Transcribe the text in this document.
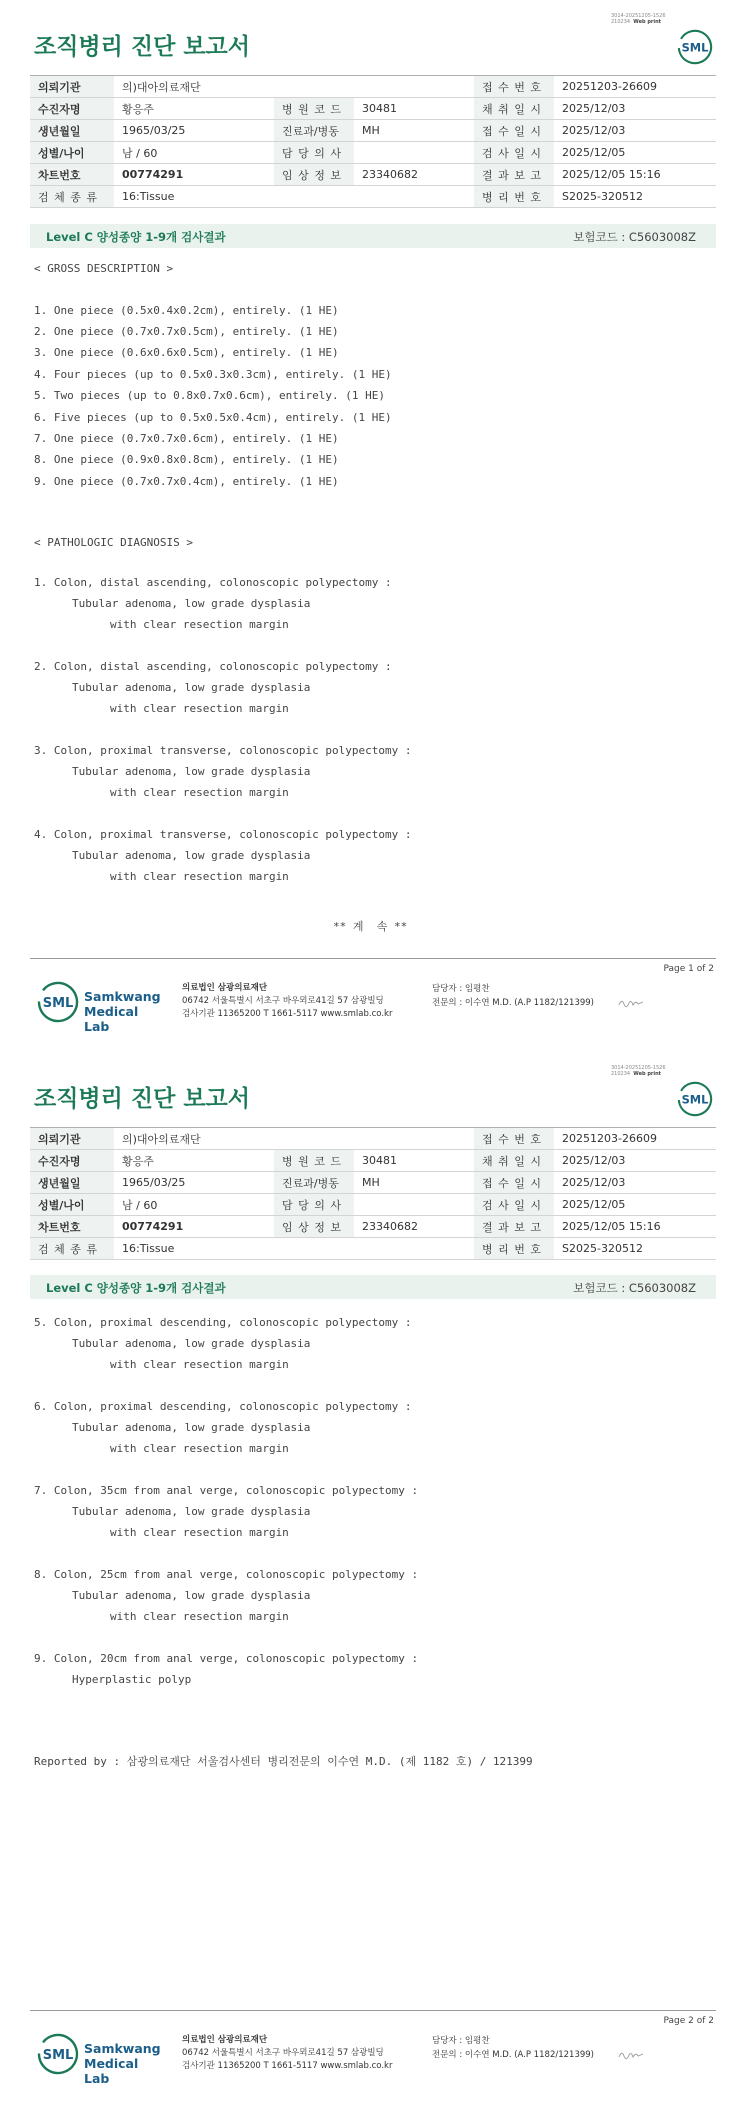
3014-20251205-1526
210234 Web print
조직병리 진단 보고서	SML
의뢰기관	의)대아의료재단			접 수 번 호	20251203-26609
수진자명	황응주	병 원 코 드	30481	채 취 일 시	2025/12/03
생년월일	1965/03/25	진료과/병동	MH	접 수 일 시	2025/12/03
성별/나이	남 / 60	담 당 의 사		검 사 일 시	2025/12/05
차트번호	00774291	임 상 정 보	23340682	결 과 보 고	2025/12/05 15:16
검 체 종 류	16:Tissue			병 리 번 호	S2025-320512
Level C 양성종양 1-9개 검사결과	보험코드 : C5603008Z
< GROSS DESCRIPTION >
1. One piece (0.5x0.4x0.2cm), entirely. (1 HE)
2. One piece (0.7x0.7x0.5cm), entirely. (1 HE)
3. One piece (0.6x0.6x0.5cm), entirely. (1 HE)
4. Four pieces (up to 0.5x0.3x0.3cm), entirely. (1 HE)
5. Two pieces (up to 0.8x0.7x0.6cm), entirely. (1 HE)
6. Five pieces (up to 0.5x0.5x0.4cm), entirely. (1 HE)
7. One piece (0.7x0.7x0.6cm), entirely. (1 HE)
8. One piece (0.9x0.8x0.8cm), entirely. (1 HE)
9. One piece (0.7x0.7x0.4cm), entirely. (1 HE)
< PATHOLOGIC DIAGNOSIS >
1. Colon, distal ascending, colonoscopic polypectomy :
Tubular adenoma, low grade dysplasia
with clear resection margin
2. Colon, distal ascending, colonoscopic polypectomy :
Tubular adenoma, low grade dysplasia
with clear resection margin
3. Colon, proximal transverse, colonoscopic polypectomy :
Tubular adenoma, low grade dysplasia
with clear resection margin
4. Colon, proximal transverse, colonoscopic polypectomy :
Tubular adenoma, low grade dysplasia
with clear resection margin
** 계  속 **
Page 1 of 2
SML Samkwang
Medical Lab
의료법인 삼광의료재단
06742 서울특별시 서초구 바우뫼로41길 57 삼광빌딩
검사기관 11365200 T 1661-5117 www.smlab.co.kr
담당자 : 임평찬
전문의 : 이수연 M.D. (A.P 1182/121399)
3014-20251205-1526
210234 Web print
조직병리 진단 보고서	SML
의뢰기관	의)대아의료재단			접 수 번 호	20251203-26609
수진자명	황응주	병 원 코 드	30481	채 취 일 시	2025/12/03
생년월일	1965/03/25	진료과/병동	MH	접 수 일 시	2025/12/03
성별/나이	남 / 60	담 당 의 사		검 사 일 시	2025/12/05
차트번호	00774291	임 상 정 보	23340682	결 과 보 고	2025/12/05 15:16
검 체 종 류	16:Tissue			병 리 번 호	S2025-320512
Level C 양성종양 1-9개 검사결과	보험코드 : C5603008Z
5. Colon, proximal descending, colonoscopic polypectomy :
Tubular adenoma, low grade dysplasia
with clear resection margin
6. Colon, proximal descending, colonoscopic polypectomy :
Tubular adenoma, low grade dysplasia
with clear resection margin
7. Colon, 35cm from anal verge, colonoscopic polypectomy :
Tubular adenoma, low grade dysplasia
with clear resection margin
8. Colon, 25cm from anal verge, colonoscopic polypectomy :
Tubular adenoma, low grade dysplasia
with clear resection margin
9. Colon, 20cm from anal verge, colonoscopic polypectomy :
Hyperplastic polyp
Reported by : 삼광의료재단 서울검사센터 병리전문의 이수연 M.D. (제 1182 호) / 121399
Page 2 of 2
SML Samkwang
Medical Lab
의료법인 삼광의료재단
06742 서울특별시 서초구 바우뫼로41길 57 삼광빌딩
검사기관 11365200 T 1661-5117 www.smlab.co.kr
담당자 : 임평찬
전문의 : 이수연 M.D. (A.P 1182/121399)
